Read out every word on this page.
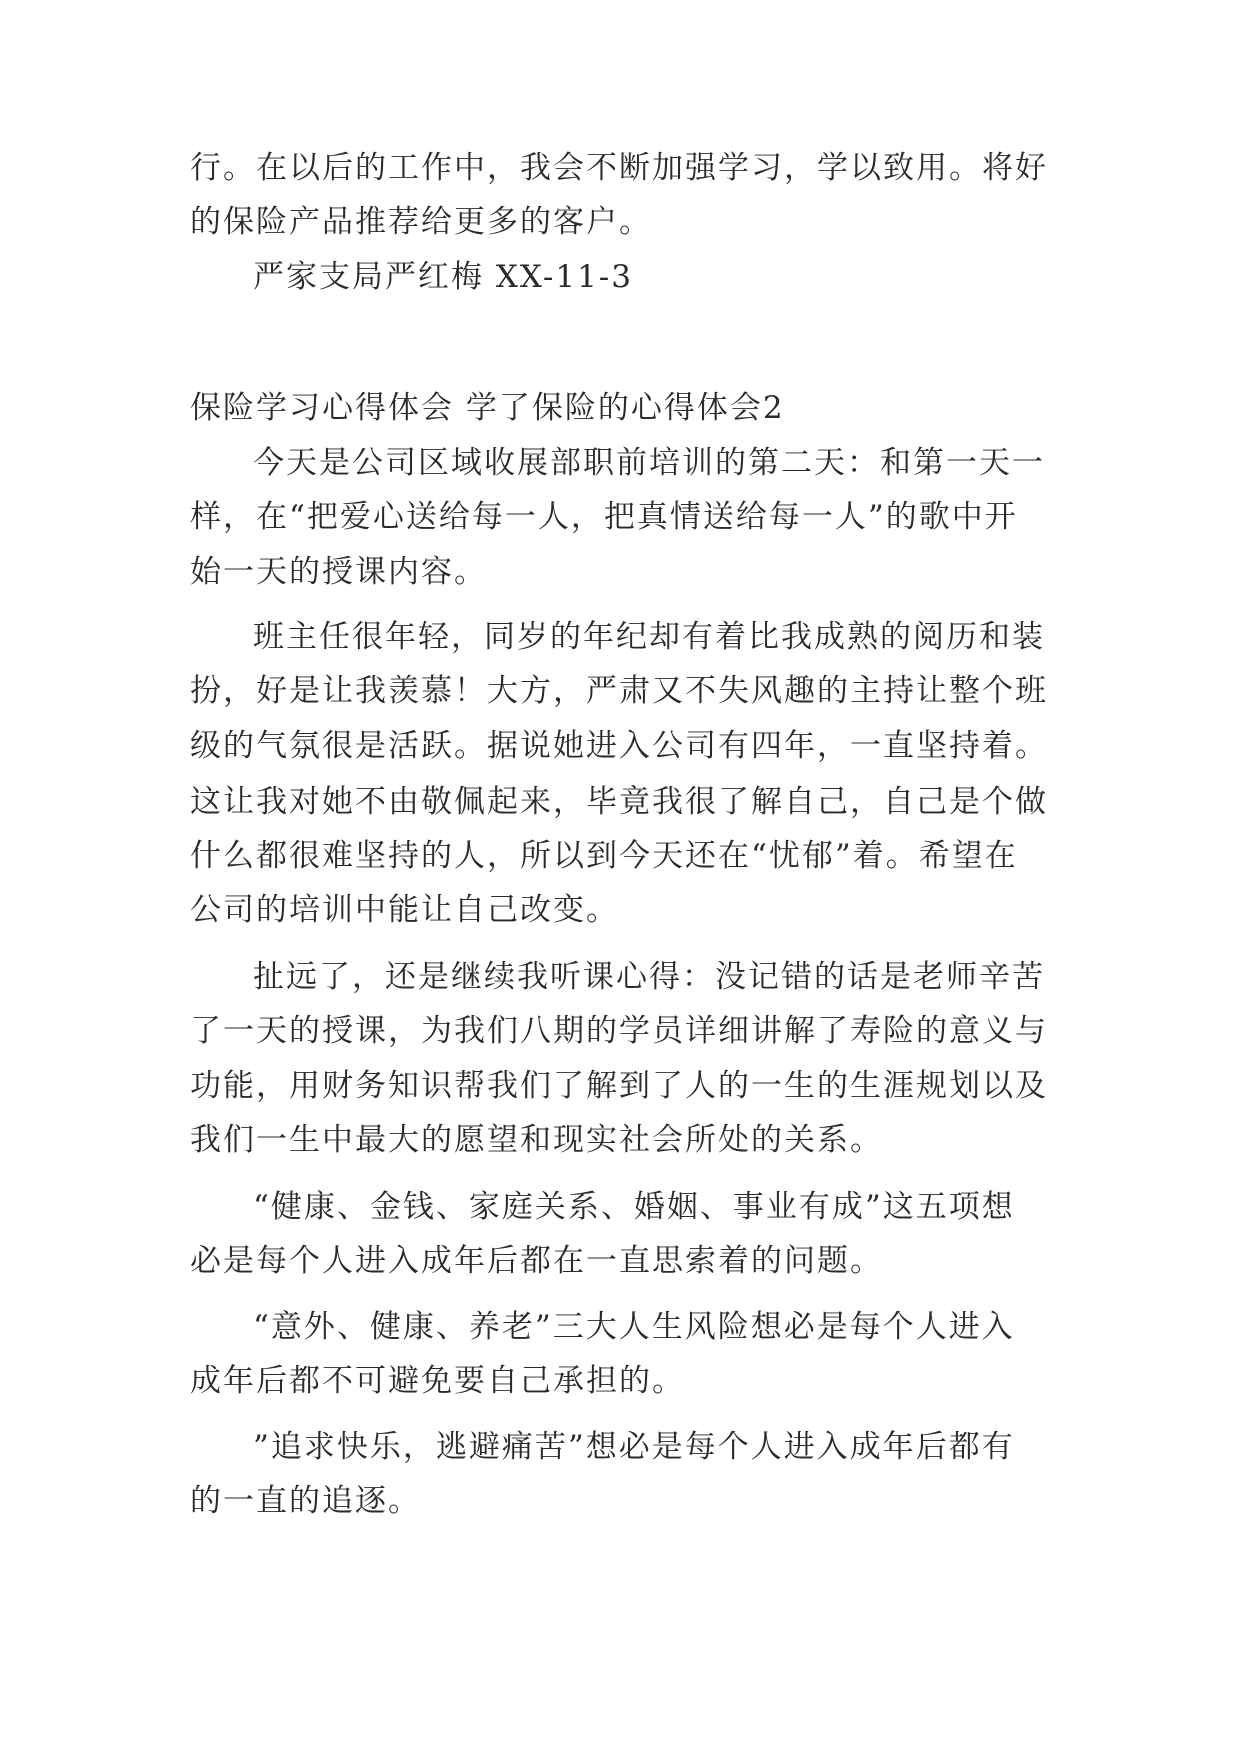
行。在以后的工作中，我会不断加强学习，学以致用。将好
的保险产品推荐给更多的客户。
严家支局严红梅 XX-11-3
保险学习心得体会 学了保险的心得体会2
今天是公司区域收展部职前培训的第二天：和第一天一
样，在“把爱心送给每一人，把真情送给每一人”的歌中开
始一天的授课内容。
班主任很年轻，同岁的年纪却有着比我成熟的阅历和装
扮，好是让我羡慕！大方，严肃又不失风趣的主持让整个班
级的气氛很是活跃。据说她进入公司有四年，一直坚持着。
这让我对她不由敬佩起来，毕竟我很了解自己，自己是个做
什么都很难坚持的人，所以到今天还在“忧郁”着。希望在
公司的培训中能让自己改变。
扯远了，还是继续我听课心得：没记错的话是老师辛苦
了一天的授课，为我们八期的学员详细讲解了寿险的意义与
功能，用财务知识帮我们了解到了人的一生的生涯规划以及
我们一生中最大的愿望和现实社会所处的关系。
“健康、金钱、家庭关系、婚姻、事业有成”这五项想
必是每个人进入成年后都在一直思索着的问题。
“意外、健康、养老”三大人生风险想必是每个人进入
成年后都不可避免要自己承担的。
”追求快乐，逃避痛苦”想必是每个人进入成年后都有
的一直的追逐。
